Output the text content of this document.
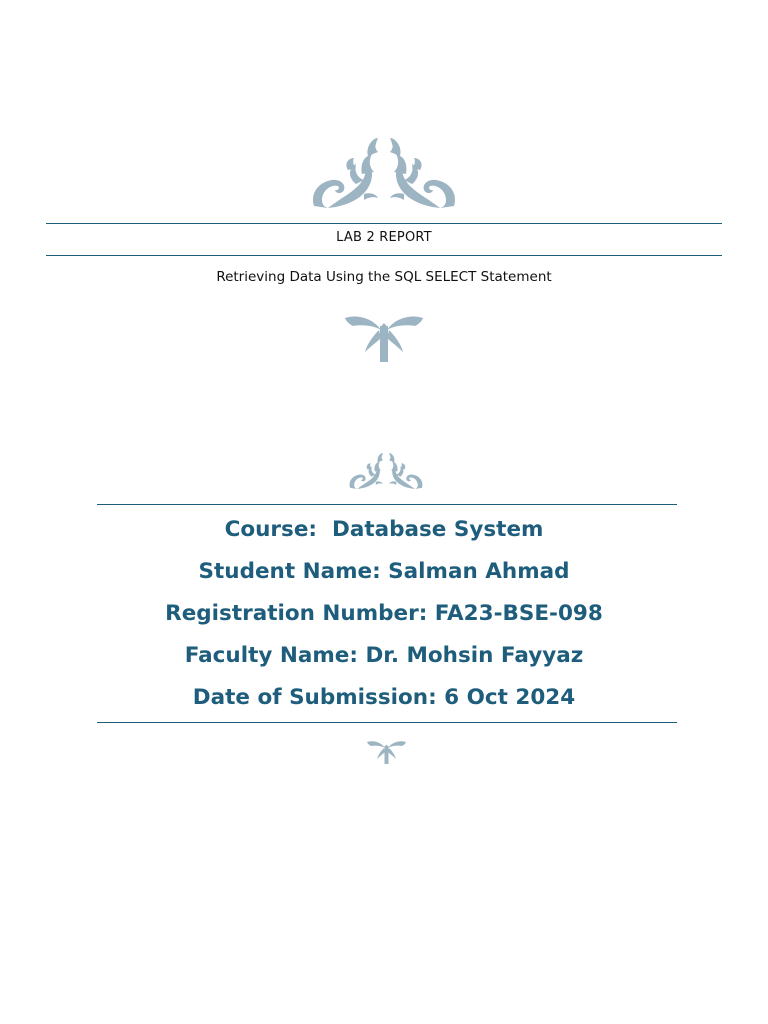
LAB 2 REPORT
Retrieving Data Using the SQL SELECT Statement
Course:  Database System
Student Name: Salman Ahmad
Registration Number: FA23-BSE-098
Faculty Name: Dr. Mohsin Fayyaz
Date of Submission: 6 Oct 2024
